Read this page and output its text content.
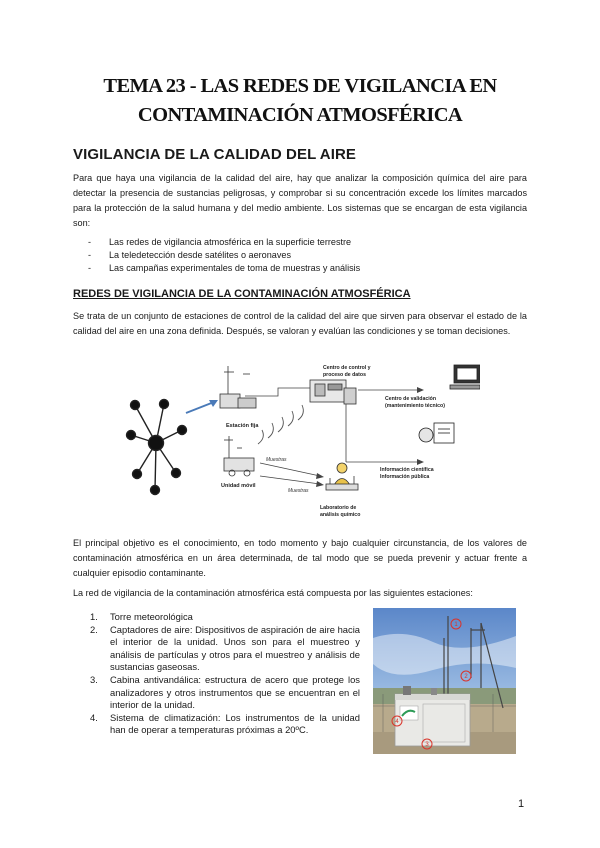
TEMA 23 - LAS REDES DE VIGILANCIA EN
CONTAMINACIÓN ATMOSFÉRICA
VIGILANCIA DE LA CALIDAD DEL AIRE
Para que haya una vigilancia de la calidad del aire, hay que analizar la composición química del aire para detectar la presencia de sustancias peligrosas, y comprobar si su concentración excede los límites marcados para la protección de la salud humana y del medio ambiente. Los sistemas que se encargan de esta vigilancia son:
- Las redes de vigilancia atmosférica en la superficie terrestre
- La teledetección desde satélites o aeronaves
- Las campañas experimentales de toma de muestras y análisis
REDES DE VIGILANCIA DE LA CONTAMINACIÓN ATMOSFÉRICA
Se trata de un conjunto de estaciones de control de la calidad del aire que sirven para observar el estado de la calidad del aire en una zona definida. Después, se valoran y evalúan las condiciones y se toman decisiones.
Estación fija
Unidad móvil
Centro de control y
proceso de datos
Centro de validación
(mantenimiento técnico)
Información científica
Información pública
Muestras
Muestras
Laboratorio de
análisis químico
El principal objetivo es el conocimiento, en todo momento y bajo cualquier circunstancia, de los valores de contaminación atmosférica en un área determinada, de tal modo que se pueda prevenir y actuar frente a cualquier episodio contaminante.
La red de vigilancia de la contaminación atmosférica está compuesta por las siguientes estaciones:
1. Torre meteorológica
2. Captadores de aire: Dispositivos de aspiración de aire hacia el interior de la unidad. Unos son para el muestreo y análisis de partículas y otros para el muestreo y análisis de sustancias gaseosas.
3. Cabina antivandálica: estructura de acero que protege los analizadores y otros instrumentos que se encuentran en el interior de la unidad.
4. Sistema de climatización: Los instrumentos de la unidad han de operar a temperaturas próximas a 20ºC.
1
2
3
4
1
